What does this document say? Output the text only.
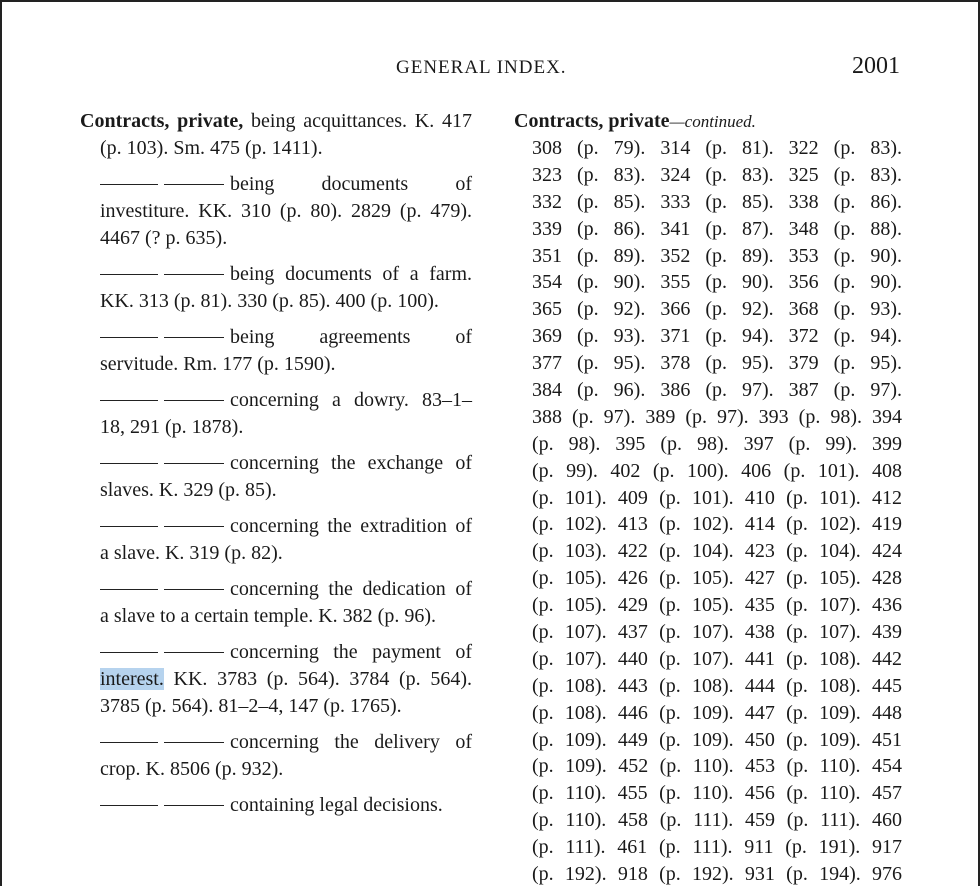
GENERAL INDEX.	2001

Contracts, private, being acquittances. K. 417 (p. 103). Sm. 475 (p. 1411).

being documents of investiture. KK. 310 (p. 80). 2829 (p. 479). 4467 (? p. 635).

being documents of a farm. KK. 313 (p. 81). 330 (p. 85). 400 (p. 100).

being agreements of servitude. Rm. 177 (p. 1590).

concerning a dowry. 83–1–18, 291 (p. 1878).

concerning the exchange of slaves. K. 329 (p. 85).

concerning the extradition of a slave. K. 319 (p. 82).

concerning the dedication of a slave to a certain temple. K. 382 (p. 96).

concerning the payment of interest. KK. 3783 (p. 564). 3784 (p. 564). 3785 (p. 564). 81–2–4, 147 (p. 1765).

concerning the delivery of crop. K. 8506 (p. 932).

containing legal decisions.

Contracts, private—continued.

308 (p. 79). 314 (p. 81). 322 (p. 83).
323 (p. 83). 324 (p. 83). 325 (p. 83).
332 (p. 85). 333 (p. 85). 338 (p. 86).
339 (p. 86). 341 (p. 87). 348 (p. 88).
351 (p. 89). 352 (p. 89). 353 (p. 90).
354 (p. 90). 355 (p. 90). 356 (p. 90).
365 (p. 92). 366 (p. 92). 368 (p. 93).
369 (p. 93). 371 (p. 94). 372 (p. 94).
377 (p. 95). 378 (p. 95). 379 (p. 95).
384 (p. 96). 386 (p. 97). 387 (p. 97).
388 (p. 97). 389 (p. 97). 393 (p. 98). 394
(p. 98). 395 (p. 98). 397 (p. 99). 399
(p. 99). 402 (p. 100). 406 (p. 101). 408
(p. 101). 409 (p. 101). 410 (p. 101). 412
(p. 102). 413 (p. 102). 414 (p. 102). 419
(p. 103). 422 (p. 104). 423 (p. 104). 424
(p. 105). 426 (p. 105). 427 (p. 105). 428
(p. 105). 429 (p. 105). 435 (p. 107). 436
(p. 107). 437 (p. 107). 438 (p. 107). 439
(p. 107). 440 (p. 107). 441 (p. 108). 442
(p. 108). 443 (p. 108). 444 (p. 108). 445
(p. 108). 446 (p. 109). 447 (p. 109). 448
(p. 109). 449 (p. 109). 450 (p. 109). 451
(p. 109). 452 (p. 110). 453 (p. 110). 454
(p. 110). 455 (p. 110). 456 (p. 110). 457
(p. 110). 458 (p. 111). 459 (p. 111). 460
(p. 111). 461 (p. 111). 911 (p. 191). 917
(p. 192). 918 (p. 192). 931 (p. 194). 976
